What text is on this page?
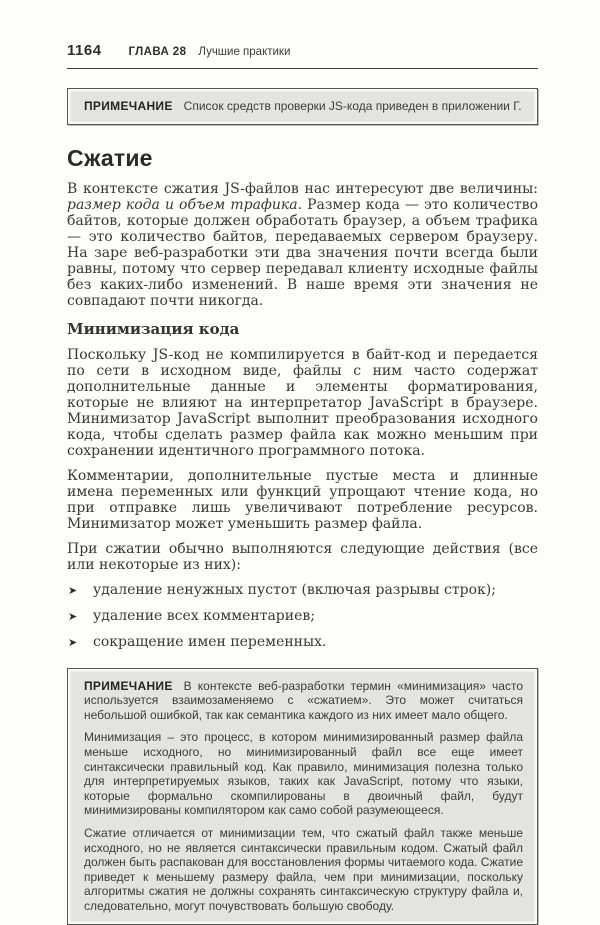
1164 ГЛАВА 28 Лучшие практики
ПРИМЕЧАНИЕ Список средств проверки JS-кода приведен в приложении Г.
Сжатие

В контексте сжатия JS-файлов нас интересуют две величины: размер кода и объем трафика. Размер кода — это количество байтов, которые должен обработать браузер, а объем трафика — это количество байтов, передаваемых сервером браузеру. На заре веб-разработки эти два значения почти всегда были равны, потому что сервер передавал клиенту исходные файлы без каких-либо изменений. В наше время эти значения не совпадают почти никогда.

Минимизация кода

Поскольку JS-код не компилируется в байт-код и передается по сети в исходном виде, файлы с ним часто содержат дополнительные данные и элементы форматирования, которые не влияют на интерпретатор JavaScript в браузере. Минимизатор JavaScript выполнит преобразования исходного кода, чтобы сделать размер файла как можно меньшим при сохранении идентичного программного потока.

Комментарии, дополнительные пустые места и длинные имена переменных или функций упрощают чтение кода, но при отправке лишь увеличивают потребление ресурсов. Минимизатор может уменьшить размер файла.

При сжатии обычно выполняются следующие действия (все или некоторые из них):

➤	удаление ненужных пустот (включая разрывы строк);
➤	удаление всех комментариев;
➤	сокращение имен переменных.
ПРИМЕЧАНИЕ В контексте веб-разработки термин «минимизация» часто используется взаимозаменяемо с «сжатием». Это может считаться небольшой ошибкой, так как семантика каждого из них имеет мало общего.
Минимизация – это процесс, в котором минимизированный размер файла меньше исходного, но минимизированный файл все еще имеет синтаксически правильный код. Как правило, минимизация полезна только для интерпретируемых языков, таких как JavaScript, потому что языки, которые формально скомпилированы в двоичный файл, будут минимизированы компилятором как само собой разумеющееся.
Сжатие отличается от минимизации тем, что сжатый файл также меньше исходного, но не является синтаксически правильным кодом. Сжатый файл должен быть распакован для восстановления формы читаемого кода. Сжатие приведет к меньшему размеру файла, чем при минимизации, поскольку алгоритмы сжатия не должны сохранять синтаксическую структуру файла и, следовательно, могут почувствовать большую свободу.
